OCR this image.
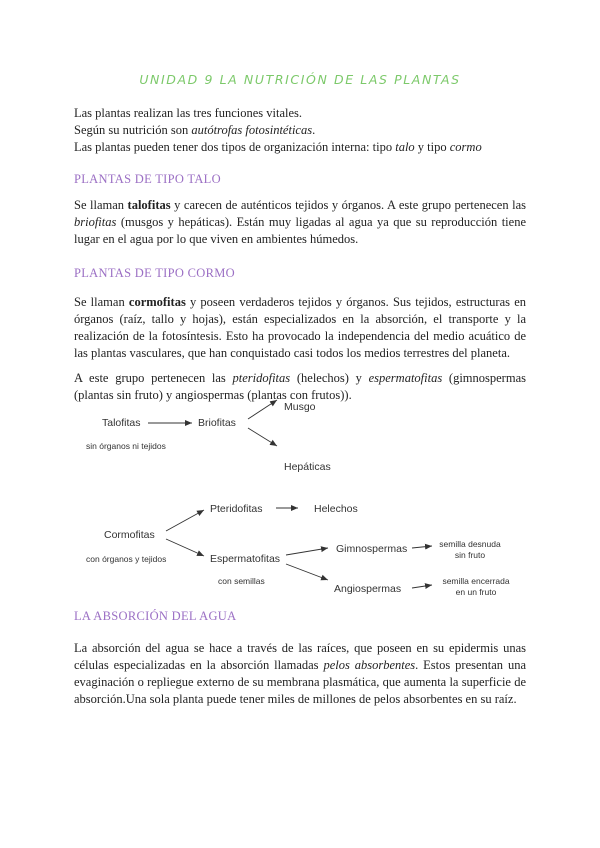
UNIDAD 9 LA NUTRICIÓN DE LAS PLANTAS
Las plantas realizan las tres funciones vitales.
Según su nutrición son autótrofas fotosintéticas.
Las plantas pueden tener dos tipos de organización interna: tipo talo y tipo cormo
PLANTAS DE TIPO TALO
Se llaman talofitas y carecen de auténticos tejidos y órganos. A este grupo pertenecen las briofitas (musgos y hepáticas). Están muy ligadas al agua ya que su reproducción tiene lugar en el agua por lo que viven en ambientes húmedos.
PLANTAS DE TIPO CORMO
Se llaman cormofitas y poseen verdaderos tejidos y órganos. Sus tejidos, estructuras en órganos (raíz, tallo y hojas), están especializados en la absorción, el transporte y la realización de la fotosíntesis. Esto ha provocado la independencia del medio acuático de las plantas vasculares, que han conquistado casi todos los medios terrestres del planeta.
A este grupo pertenecen las pteridofitas (helechos) y espermatofitas (gimnospermas (plantas sin fruto) y angiospermas (plantas con frutos)).
Talofitas
sin órganos ni tejidos
Briofitas
Musgo
Hepáticas
Cormofitas
con órganos y tejidos
Pteridofitas	Helechos
Espermatofitas
con semillas
Gimnospermas
Angiospermas
semilla desnuda
sin fruto
semilla encerrada
en un fruto
LA ABSORCIÓN DEL AGUA
La absorción del agua se hace a través de las raíces, que poseen en su epidermis unas células especializadas en la absorción llamadas pelos absorbentes. Estos presentan una evaginación o repliegue externo de su membrana plasmática, que aumenta la superficie de absorción.Una sola planta puede tener miles de millones de pelos absorbentes en su raíz.
